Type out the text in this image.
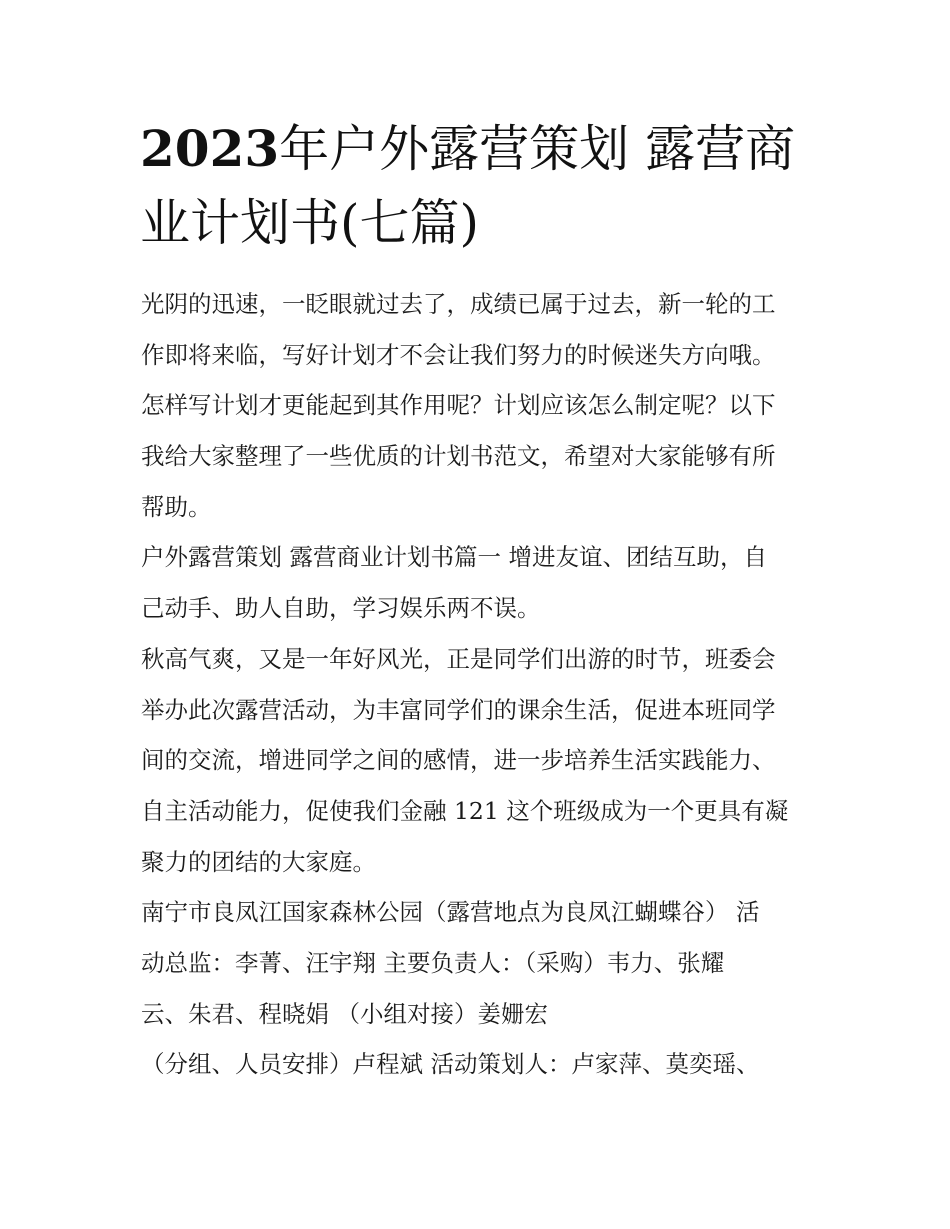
2023年户外露营策划 露营商
业计划书(七篇)
光阴的迅速，一眨眼就过去了，成绩已属于过去，新一轮的工
作即将来临，写好计划才不会让我们努力的时候迷失方向哦。
怎样写计划才更能起到其作用呢？计划应该怎么制定呢？以下
我给大家整理了一些优质的计划书范文，希望对大家能够有所
帮助。
户外露营策划 露营商业计划书篇一 增进友谊、团结互助，自
己动手、助人自助，学习娱乐两不误。
秋高气爽，又是一年好风光，正是同学们出游的时节，班委会
举办此次露营活动，为丰富同学们的课余生活，促进本班同学
间的交流，增进同学之间的感情，进一步培养生活实践能力、
自主活动能力，促使我们金融 121 这个班级成为一个更具有凝
聚力的团结的大家庭。
南宁市良凤江国家森林公园（露营地点为良凤江蝴蝶谷） 活
动总监：李菁、汪宇翔 主要负责人：（采购）韦力、张耀
云、朱君、程晓娟 （小组对接）姜姗宏
（分组、人员安排）卢程斌 活动策划人：卢家萍、莫奕瑶、
